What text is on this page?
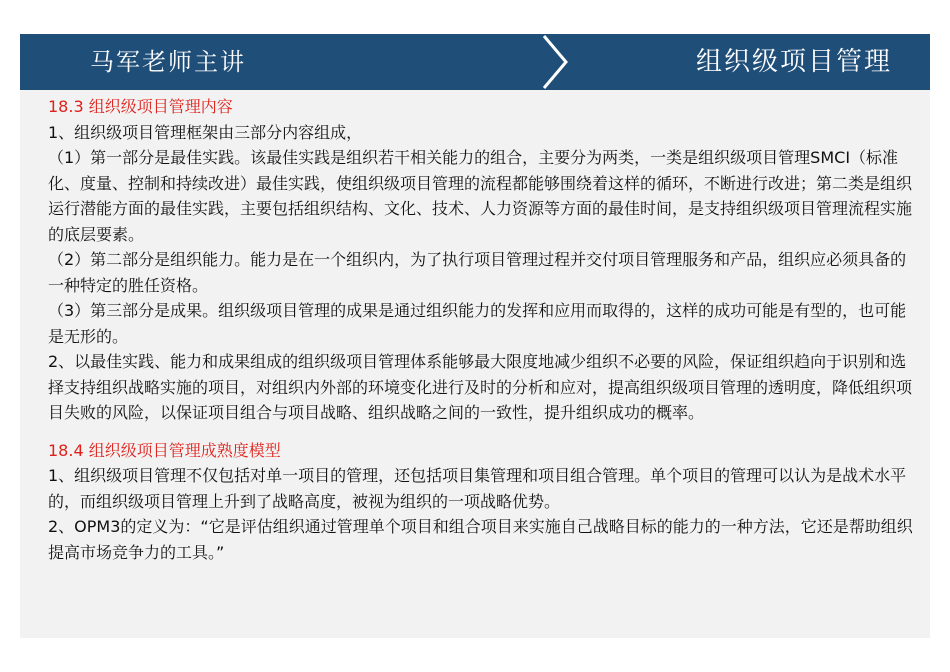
马军老师主讲	组织级项目管理

18.3 组织级项目管理内容

1、组织级项目管理框架由三部分内容组成，

（1）第一部分是最佳实践。该最佳实践是组织若干相关能力的组合，主要分为两类，一类是组织级项目管理SMCI（标准化、度量、控制和持续改进）最佳实践，使组织级项目管理的流程都能够围绕着这样的循环，不断进行改进；第二类是组织运行潜能方面的最佳实践，主要包括组织结构、文化、技术、人力资源等方面的最佳时间，是支持组织级项目管理流程实施的底层要素。

（2）第二部分是组织能力。能力是在一个组织内，为了执行项目管理过程并交付项目管理服务和产品，组织应必须具备的一种特定的胜任资格。

（3）第三部分是成果。组织级项目管理的成果是通过组织能力的发挥和应用而取得的，这样的成功可能是有型的，也可能是无形的。

2、以最佳实践、能力和成果组成的组织级项目管理体系能够最大限度地减少组织不必要的风险，保证组织趋向于识别和选择支持组织战略实施的项目，对组织内外部的环境变化进行及时的分析和应对，提高组织级项目管理的透明度，降低组织项目失败的风险，以保证项目组合与项目战略、组织战略之间的一致性，提升组织成功的概率。

18.4 组织级项目管理成熟度模型

1、组织级项目管理不仅包括对单一项目的管理，还包括项目集管理和项目组合管理。单个项目的管理可以认为是战术水平的，而组织级项目管理上升到了战略高度，被视为组织的一项战略优势。

2、OPM3的定义为：“它是评估组织通过管理单个项目和组合项目来实施自己战略目标的能力的一种方法，它还是帮助组织提高市场竞争力的工具。”
